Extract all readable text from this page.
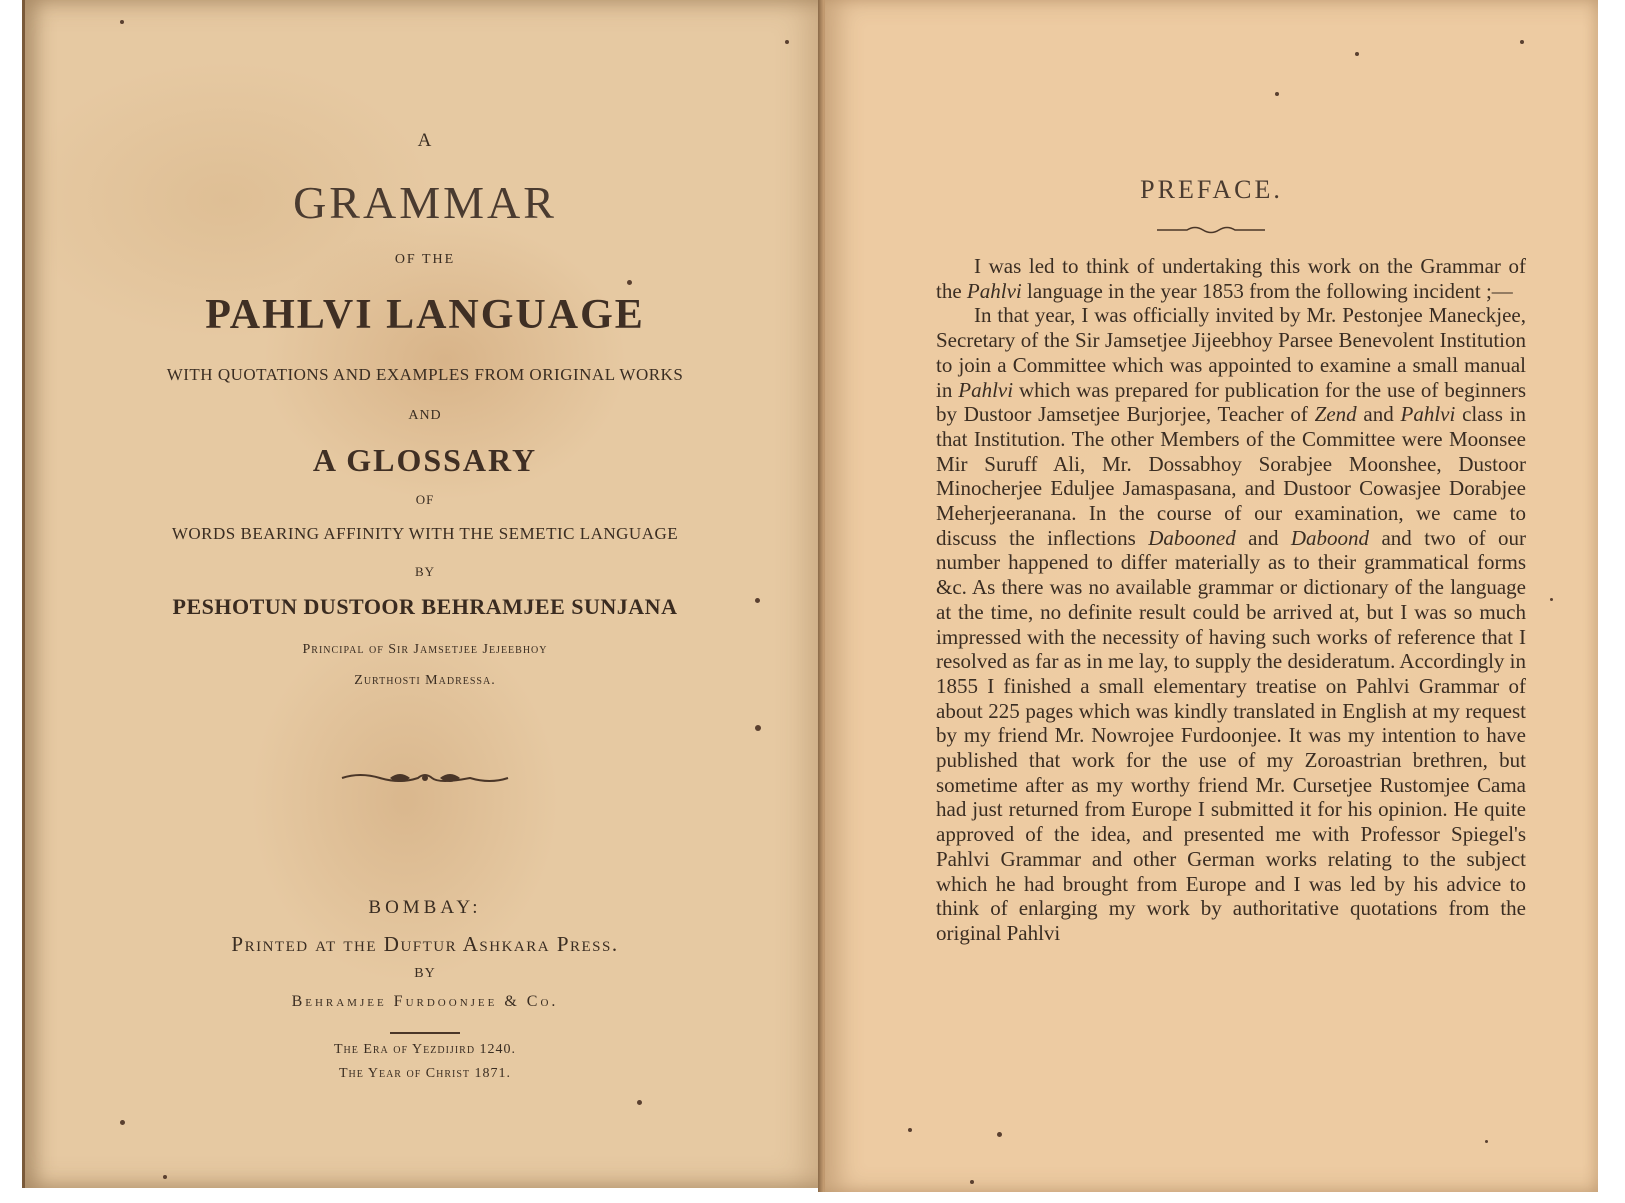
A
GRAMMAR
OF THE
PAHLVI LANGUAGE
WITH QUOTATIONS AND EXAMPLES FROM ORIGINAL WORKS
AND
A GLOSSARY
OF
WORDS BEARING AFFINITY WITH THE SEMETIC LANGUAGE
BY
PESHOTUN DUSTOOR BEHRAMJEE SUNJANA
Principal of Sir Jamsetjee Jejeebhoy
Zurthosti Madressa.
BOMBAY:
Printed at the Duftur Ashkara Press.
BY
Behramjee Furdoonjee & Co.
The Era of Yezdijird 1240.
The Year of Christ 1871.
PREFACE.

I was led to think of undertaking this work on the Grammar of the Pahlvi language in the year 1853 from the following incident ;—

In that year, I was officially invited by Mr. Pestonjee Maneckjee, Secretary of the Sir Jamsetjee Jijeebhoy Parsee Benevolent Institution to join a Committee which was appointed to examine a small manual in Pahlvi which was prepared for publication for the use of beginners by Dustoor Jamsetjee Burjorjee, Teacher of Zend and Pahlvi class in that Institution. The other Members of the Committee were Moonsee Mir Suruff Ali, Mr. Dossabhoy Sorabjee Moonshee, Dustoor Minocherjee Eduljee Jamaspasana, and Dustoor Cowasjee Dorabjee Meherjeeranana. In the course of our examination, we came to discuss the inflections Dabooned and Daboond and two of our number happened to differ materially as to their grammatical forms &c. As there was no available grammar or dictionary of the language at the time, no definite result could be arrived at, but I was so much impressed with the necessity of having such works of reference that I resolved as far as in me lay, to supply the desideratum. Accordingly in 1855 I finished a small elementary treatise on Pahlvi Grammar of about 225 pages which was kindly translated in English at my request by my friend Mr. Nowrojee Furdoonjee. It was my intention to have published that work for the use of my Zoroastrian brethren, but sometime after as my worthy friend Mr. Cursetjee Rustomjee Cama had just returned from Europe I submitted it for his opinion. He quite approved of the idea, and presented me with Professor Spiegel's Pahlvi Grammar and other German works relating to the subject which he had brought from Europe and I was led by his advice to think of enlarging my work by authoritative quotations from the original Pahlvi
